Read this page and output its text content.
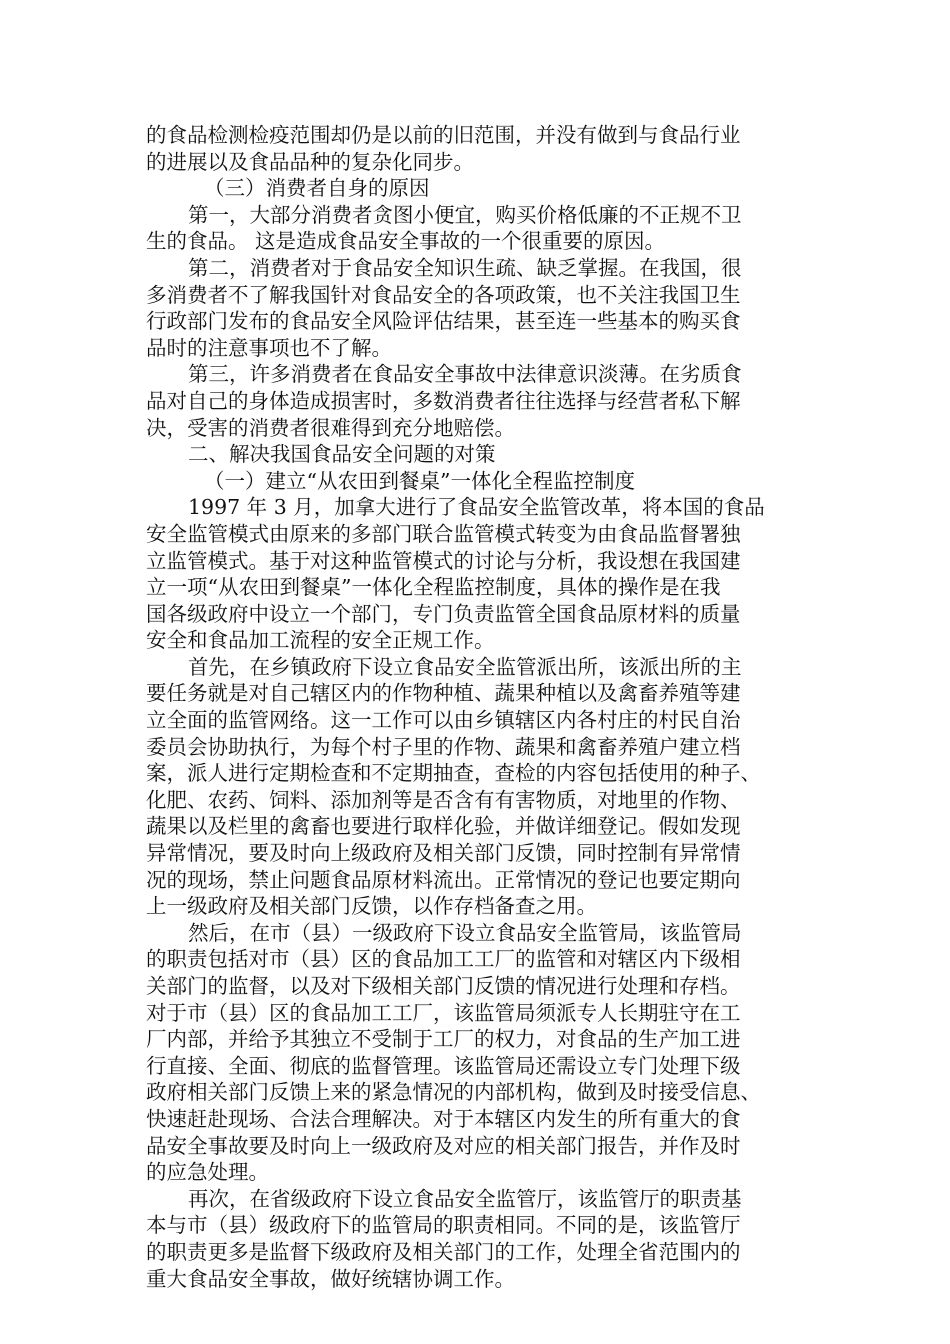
的食品检测检疫范围却仍是以前的旧范围，并没有做到与食品行业
的进展以及食品品种的复杂化同步。
（三）消费者自身的原因
第一，大部分消费者贪图小便宜，购买价格低廉的不正规不卫
生的食品。 这是造成食品安全事故的一个很重要的原因。
第二，消费者对于食品安全知识生疏、缺乏掌握。在我国，很
多消费者不了解我国针对食品安全的各项政策，也不关注我国卫生
行政部门发布的食品安全风险评估结果，甚至连一些基本的购买食
品时的注意事项也不了解。
第三，许多消费者在食品安全事故中法律意识淡薄。在劣质食
品对自己的身体造成损害时，多数消费者往往选择与经营者私下解
决，受害的消费者很难得到充分地赔偿。
二、解决我国食品安全问题的对策
（一）建立“从农田到餐桌”一体化全程监控制度
1997 年 3 月，加拿大进行了食品安全监管改革，将本国的食品
安全监管模式由原来的多部门联合监管模式转变为由食品监督署独
立监管模式。基于对这种监管模式的讨论与分析，我设想在我国建
立一项“从农田到餐桌”一体化全程监控制度，具体的操作是在我
国各级政府中设立一个部门，专门负责监管全国食品原材料的质量
安全和食品加工流程的安全正规工作。
首先，在乡镇政府下设立食品安全监管派出所，该派出所的主
要任务就是对自己辖区内的作物种植、蔬果种植以及禽畜养殖等建
立全面的监管网络。这一工作可以由乡镇辖区内各村庄的村民自治
委员会协助执行，为每个村子里的作物、蔬果和禽畜养殖户建立档
案，派人进行定期检查和不定期抽查，查检的内容包括使用的种子、
化肥、农药、饲料、添加剂等是否含有有害物质，对地里的作物、
蔬果以及栏里的禽畜也要进行取样化验，并做详细登记。假如发现
异常情况，要及时向上级政府及相关部门反馈，同时控制有异常情
况的现场，禁止问题食品原材料流出。正常情况的登记也要定期向
上一级政府及相关部门反馈，以作存档备查之用。
然后，在市（县）一级政府下设立食品安全监管局，该监管局
的职责包括对市（县）区的食品加工工厂的监管和对辖区内下级相
关部门的监督，以及对下级相关部门反馈的情况进行处理和存档。
对于市（县）区的食品加工工厂，该监管局须派专人长期驻守在工
厂内部，并给予其独立不受制于工厂的权力，对食品的生产加工进
行直接、全面、彻底的监督管理。该监管局还需设立专门处理下级
政府相关部门反馈上来的紧急情况的内部机构，做到及时接受信息、
快速赶赴现场、合法合理解决。对于本辖区内发生的所有重大的食
品安全事故要及时向上一级政府及对应的相关部门报告，并作及时
的应急处理。
再次，在省级政府下设立食品安全监管厅，该监管厅的职责基
本与市（县）级政府下的监管局的职责相同。不同的是，该监管厅
的职责更多是监督下级政府及相关部门的工作，处理全省范围内的
重大食品安全事故，做好统辖协调工作。
